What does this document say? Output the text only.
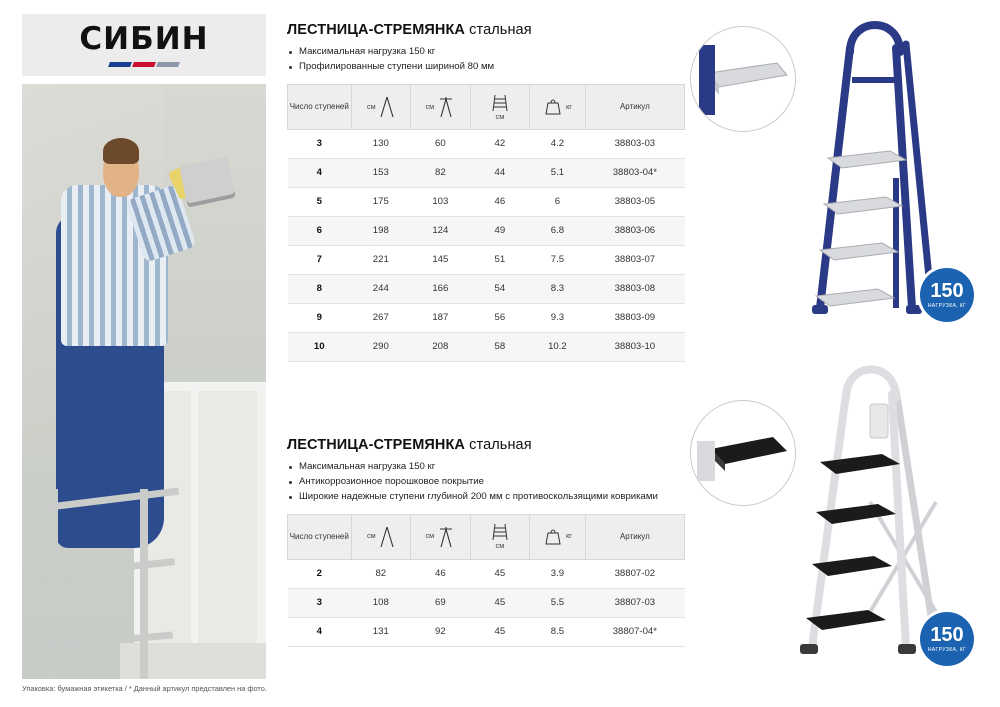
СИБИН
Упаковка: бумажная этикетка / * Данный артикул представлен на фото.
ЛЕСТНИЦА-СТРЕМЯНКА стальная
Максимальная нагрузка 150 кг
Профилированные ступени шириной 80 мм
Число ступеней	см	см	см	кг	Артикул
3	130	60	42	4.2	38803-03
4	153	82	44	5.1	38803-04*
5	175	103	46	6	38803-05
6	198	124	49	6.8	38803-06
7	221	145	51	7.5	38803-07
8	244	166	54	8.3	38803-08
9	267	187	56	9.3	38803-09
10	290	208	58	10.2	38803-10
ЛЕСТНИЦА-СТРЕМЯНКА стальная
Максимальная нагрузка 150 кг
Антикоррозионное порошковое покрытие
Широкие надежные ступени глубиной 200 мм с противоскользящими ковриками
Число ступеней	см	см	см	кг	Артикул
2	82	46	45	3.9	38807-02
3	108	69	45	5.5	38807-03
4	131	92	45	8.5	38807-04*
150
НАГРУЗКА, КГ
150
НАГРУЗКА, КГ
